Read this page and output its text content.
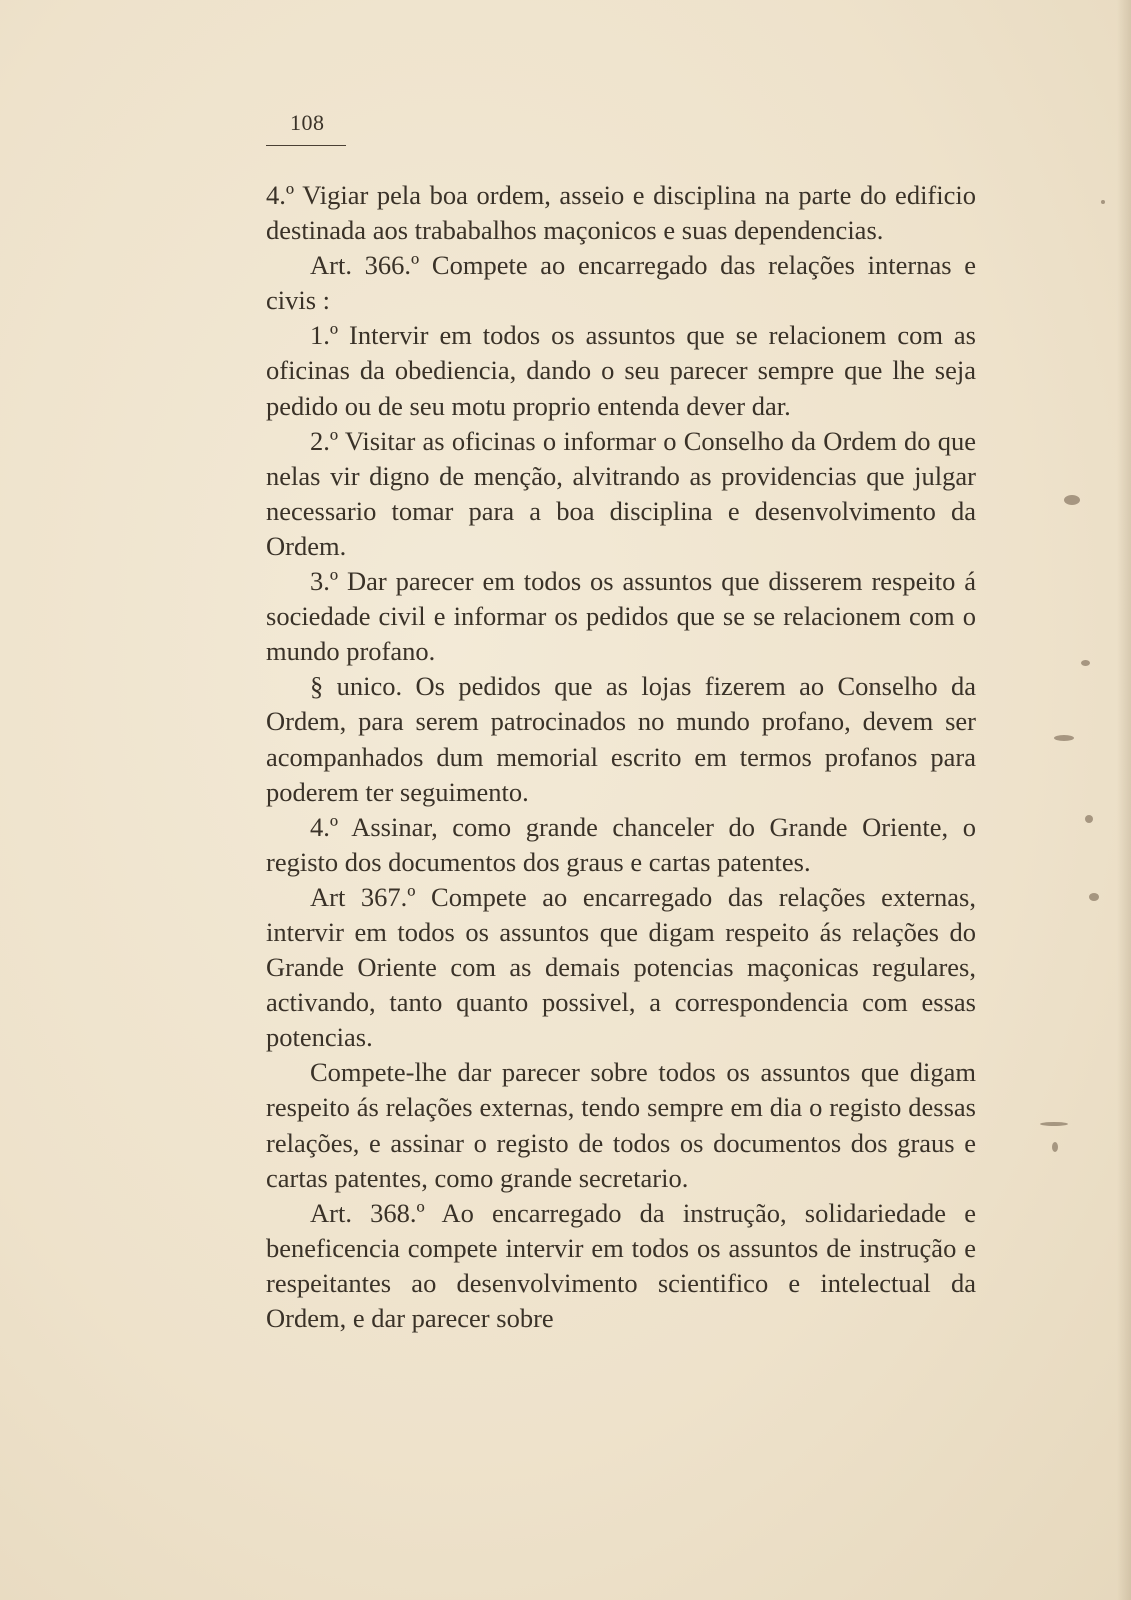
108

4.º Vigiar pela boa ordem, asseio e disciplina na parte do edificio destinada aos trababalhos maçonicos e suas dependencias.

Art. 366.º Compete ao encarregado das relações internas e civis :

1.º Intervir em todos os assuntos que se relacionem com as oficinas da obediencia, dando o seu parecer sempre que lhe seja pedido ou de seu motu proprio entenda dever dar.

2.º Visitar as oficinas o informar o Conselho da Ordem do que nelas vir digno de menção, alvitrando as providencias que julgar necessario tomar para a boa disciplina e desenvolvimento da Ordem.

3.º Dar parecer em todos os assuntos que disserem respeito á sociedade civil e informar os pedidos que se se relacionem com o mundo profano.

§ unico. Os pedidos que as lojas fizerem ao Conselho da Ordem, para serem patrocinados no mundo profano, devem ser acompanhados dum memorial escrito em termos profanos para poderem ter seguimento.

4.º Assinar, como grande chanceler do Grande Oriente, o registo dos documentos dos graus e cartas patentes.

Art 367.º Compete ao encarregado das relações externas, intervir em todos os assuntos que digam respeito ás relações do Grande Oriente com as demais potencias maçonicas regulares, activando, tanto quanto possivel, a correspondencia com essas potencias.

Compete-lhe dar parecer sobre todos os assuntos que digam respeito ás relações externas, tendo sempre em dia o registo dessas relações, e assinar o registo de todos os documentos dos graus e cartas patentes, como grande secretario.

Art. 368.º Ao encarregado da instrução, solidariedade e beneficencia compete intervir em todos os assuntos de instrução e respeitantes ao desenvolvimento scientifico e intelectual da Ordem, e dar parecer sobre
